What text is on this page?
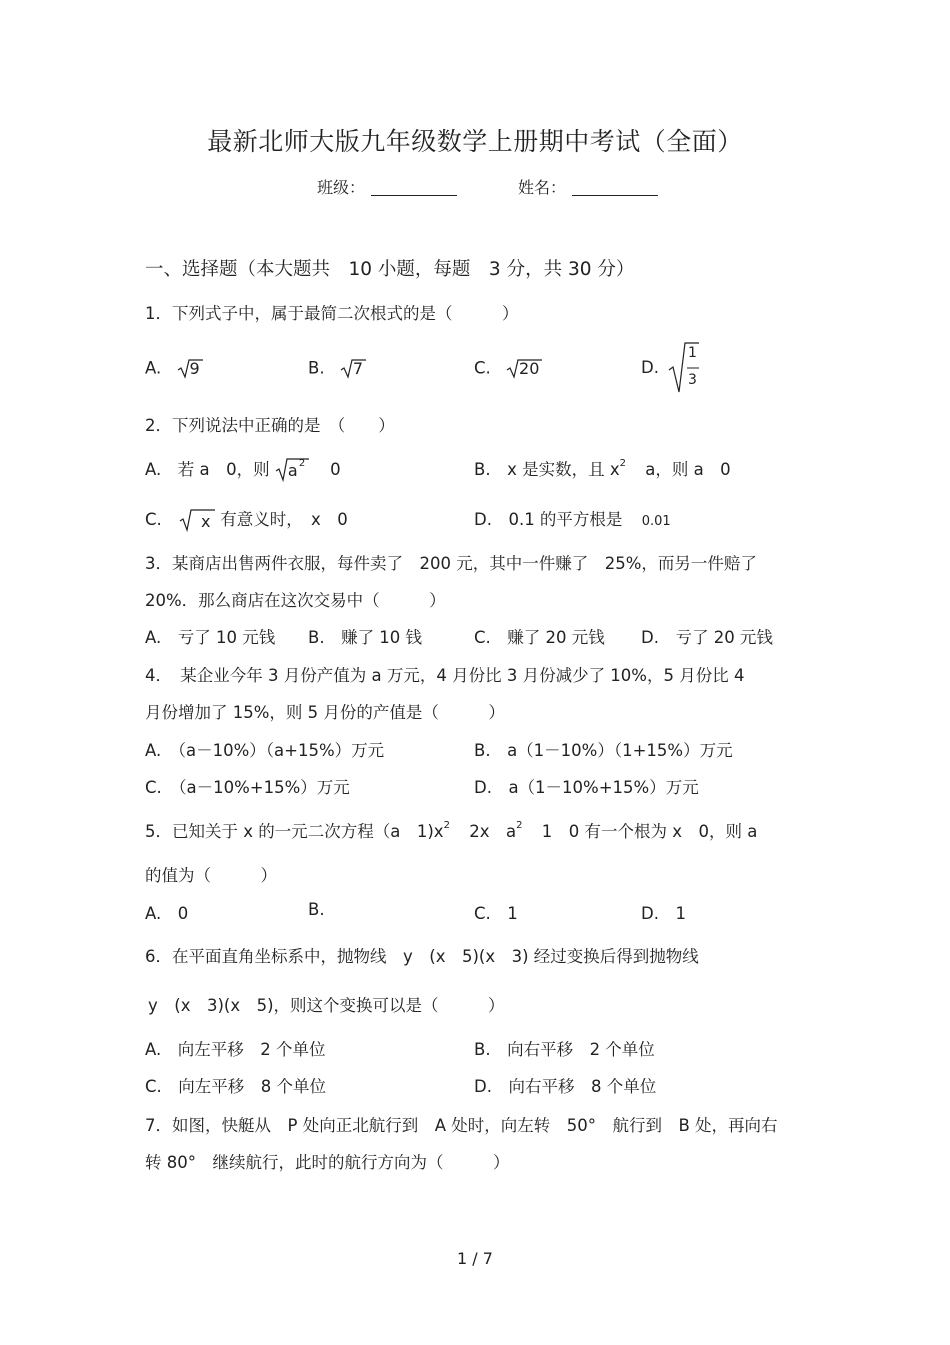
最新北师大版九年级数学上册期中考试（全面）
班级：	姓名：
一、选择题（本大题共　10 小题，每题　3 分，共 30 分）
1．下列式子中，属于最简二次根式的是（　　　）
A. 9	B. 7	C. 20	D.
1
3
2．下列说法中正确的是　（　　）
A.　若 a　0，则 a 2 0	B.　x 是实数，且 $x^2$ a，则 a　0
C. x 有意义时，　x　0	D.　0.1 的平方根是 0.01
3．某商店出售两件衣服，每件卖了　200 元，其中一件赚了　25%，而另一件赔了
20%．那么商店在这次交易中（　　　）
A.　亏了 10 元钱 B.　赚了 10 钱	C.　赚了 20 元钱 D.　亏了 20 元钱
4．　某企业今年 3 月份产值为 a 万元，4 月份比 3 月份减少了 10%，5 月份比 4
月份增加了 15%，则 5 月份的产值是（　　　）
A.　（a－10%）（a+15%）万元	B.　a（1－10%）（1+15%）万元
C.　（a－10%+15%）万元	D.　a（1－10%+15%）万元
5．已知关于 x 的一元二次方程（a　$1)x^2$ 2x　$a^2$ 1　0 有一个根为 x　0，则 a
的值为（　　　）
A.　0	B.	C.　1	D.　1
6．在平面直角坐标系中，抛物线　y　(x　5)(x　3) 经过变换后得到抛物线
y　(x　3)(x　5)，则这个变换可以是（　　　）
A.　向左平移　2 个单位	B.　向右平移　2 个单位
C.　向左平移　8 个单位	D.　向右平移　8 个单位
7．如图，快艇从　P 处向正北航行到　A 处时，向左转　50°　航行到　B 处，再向右
转 80°　继续航行，此时的航行方向为（　　　）
1 / 7
